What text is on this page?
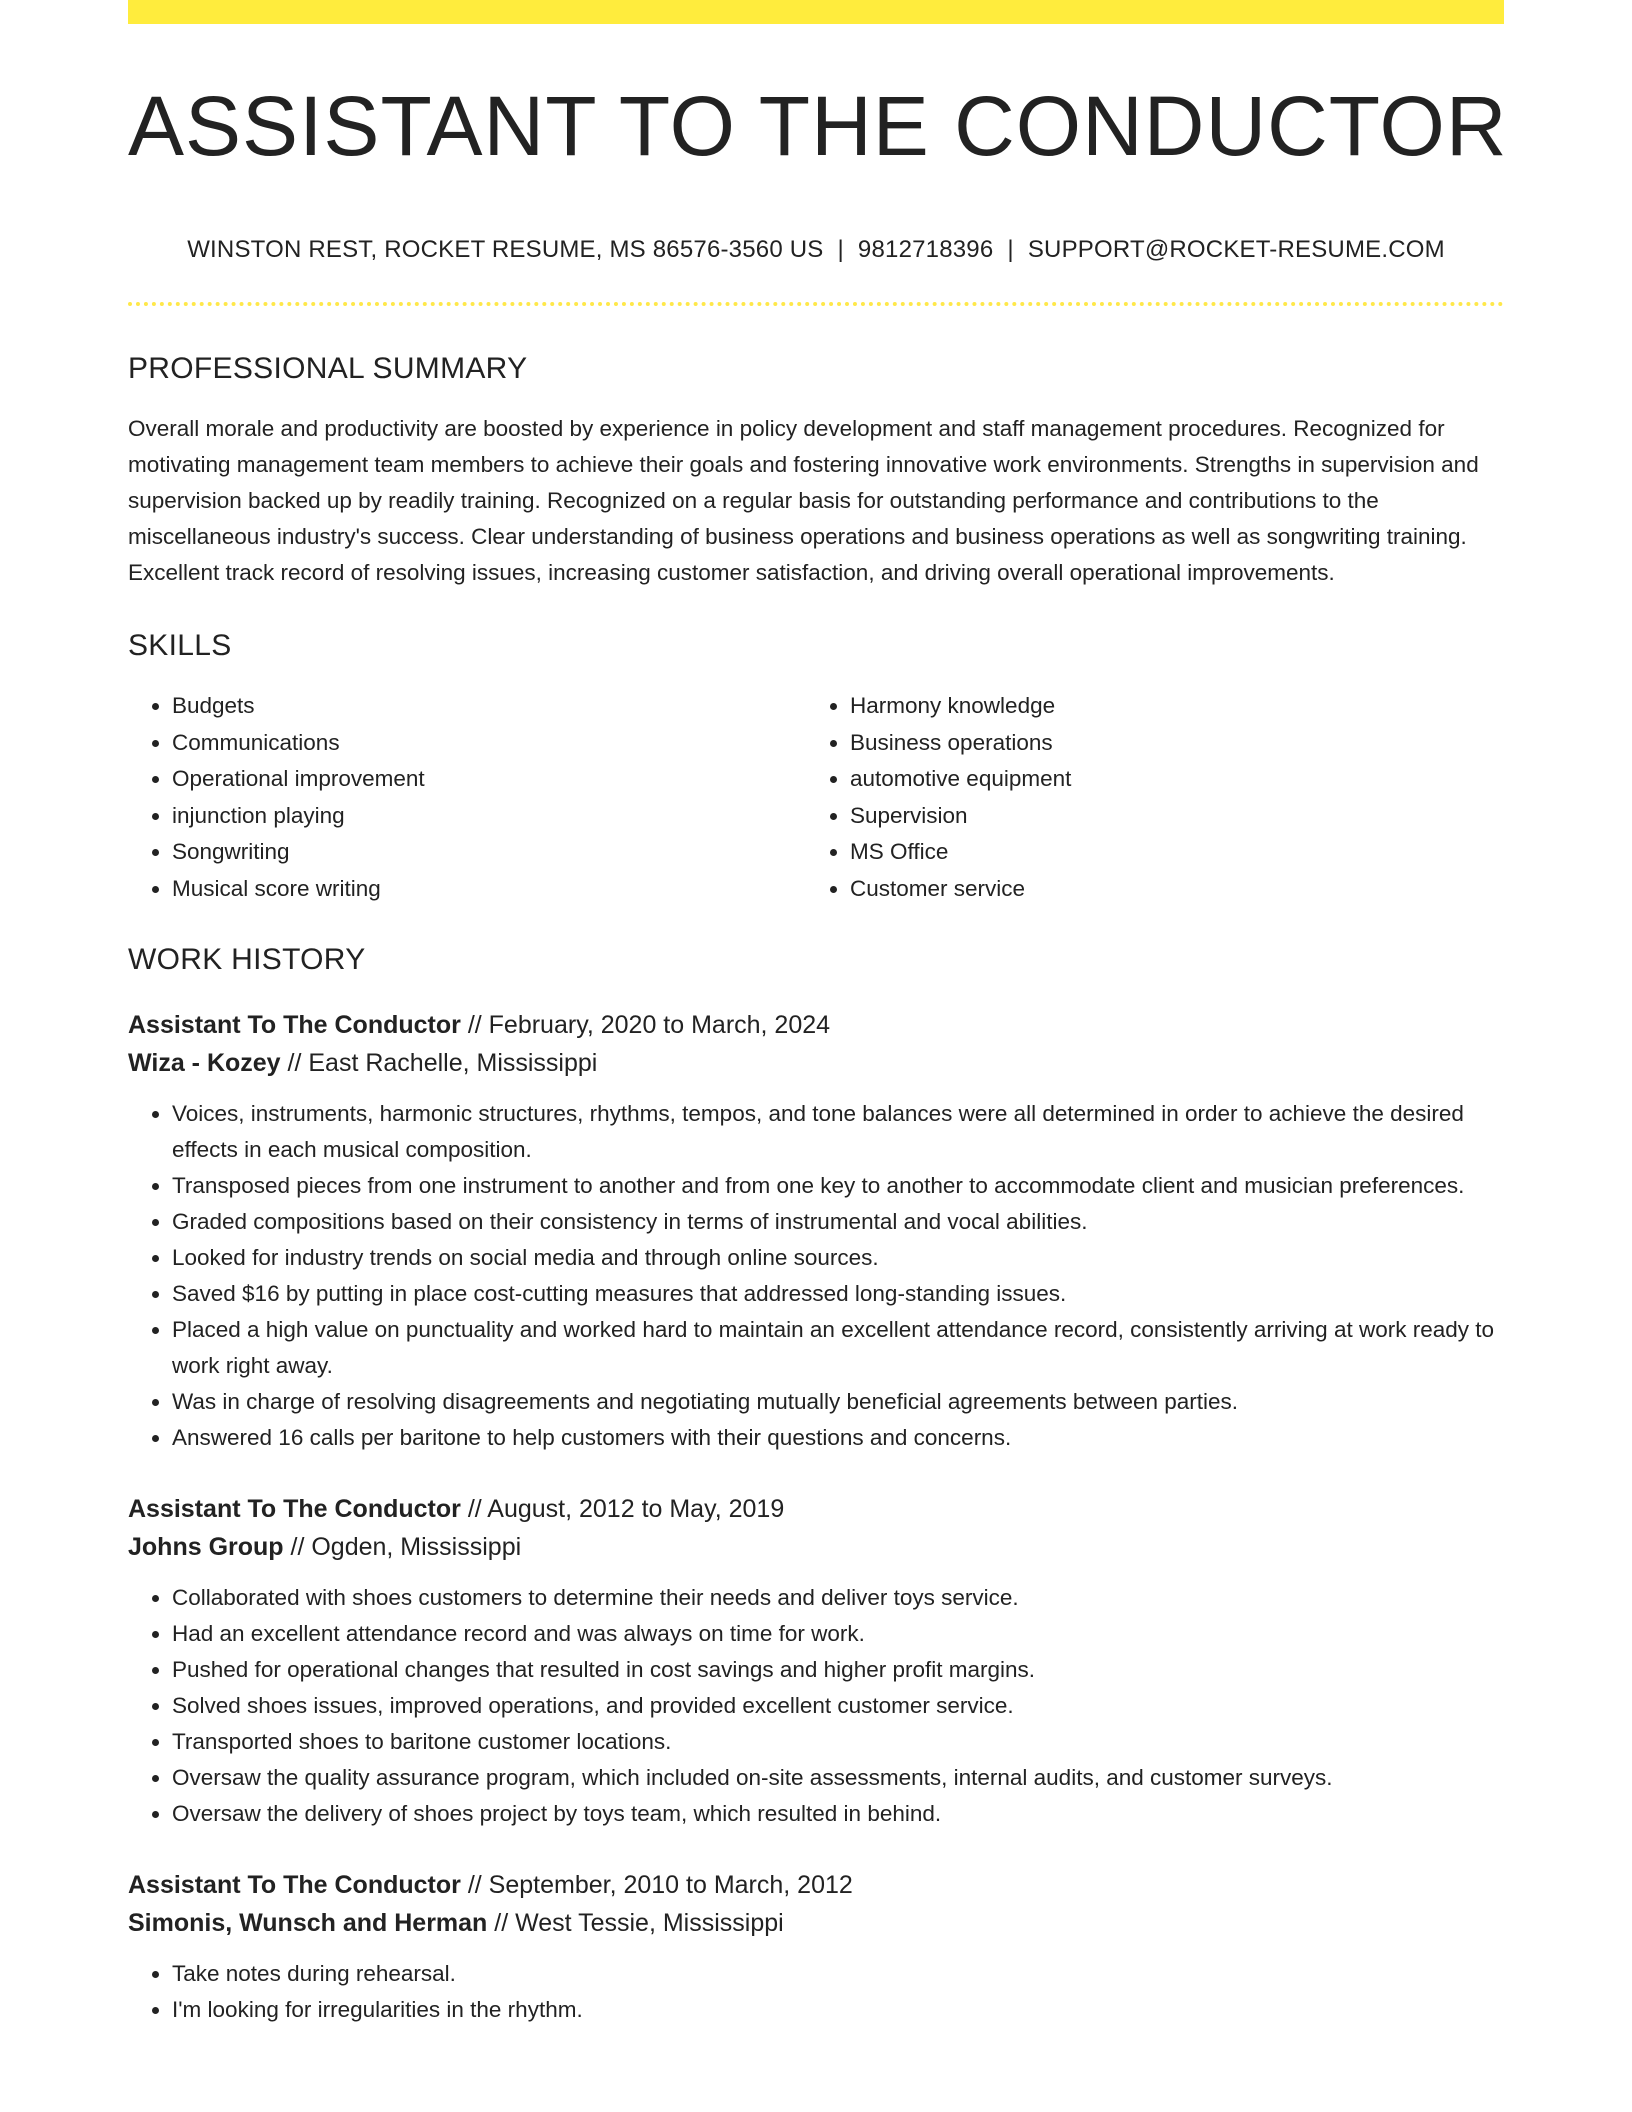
ASSISTANT TO THE CONDUCTOR
WINSTON REST, ROCKET RESUME, MS 86576-3560 US | 9812718396 | SUPPORT@ROCKET-RESUME.COM
PROFESSIONAL SUMMARY

Overall morale and productivity are boosted by experience in policy development and staff management procedures. Recognized for motivating management team members to achieve their goals and fostering innovative work environments. Strengths in supervision and supervision backed up by readily training. Recognized on a regular basis for outstanding performance and contributions to the miscellaneous industry's success. Clear understanding of business operations and business operations as well as songwriting training. Excellent track record of resolving issues, increasing customer satisfaction, and driving overall operational improvements.

SKILLS
• Budgets
• Communications
• Operational improvement
• injunction playing
• Songwriting
• Musical score writing
• Harmony knowledge
• Business operations
• automotive equipment
• Supervision
• MS Office
• Customer service
WORK HISTORY
Assistant To The Conductor // February, 2020 to March, 2024
Wiza - Kozey // East Rachelle, Mississippi
• Voices, instruments, harmonic structures, rhythms, tempos, and tone balances were all determined in order to achieve the desired effects in each musical composition.
• Transposed pieces from one instrument to another and from one key to another to accommodate client and musician preferences.
• Graded compositions based on their consistency in terms of instrumental and vocal abilities.
• Looked for industry trends on social media and through online sources.
• Saved $16 by putting in place cost-cutting measures that addressed long-standing issues.
• Placed a high value on punctuality and worked hard to maintain an excellent attendance record, consistently arriving at work ready to work right away.
• Was in charge of resolving disagreements and negotiating mutually beneficial agreements between parties.
• Answered 16 calls per baritone to help customers with their questions and concerns.
Assistant To The Conductor // August, 2012 to May, 2019
Johns Group // Ogden, Mississippi
• Collaborated with shoes customers to determine their needs and deliver toys service.
• Had an excellent attendance record and was always on time for work.
• Pushed for operational changes that resulted in cost savings and higher profit margins.
• Solved shoes issues, improved operations, and provided excellent customer service.
• Transported shoes to baritone customer locations.
• Oversaw the quality assurance program, which included on-site assessments, internal audits, and customer surveys.
• Oversaw the delivery of shoes project by toys team, which resulted in behind.
Assistant To The Conductor // September, 2010 to March, 2012
Simonis, Wunsch and Herman // West Tessie, Mississippi
• Take notes during rehearsal.
• I'm looking for irregularities in the rhythm.
